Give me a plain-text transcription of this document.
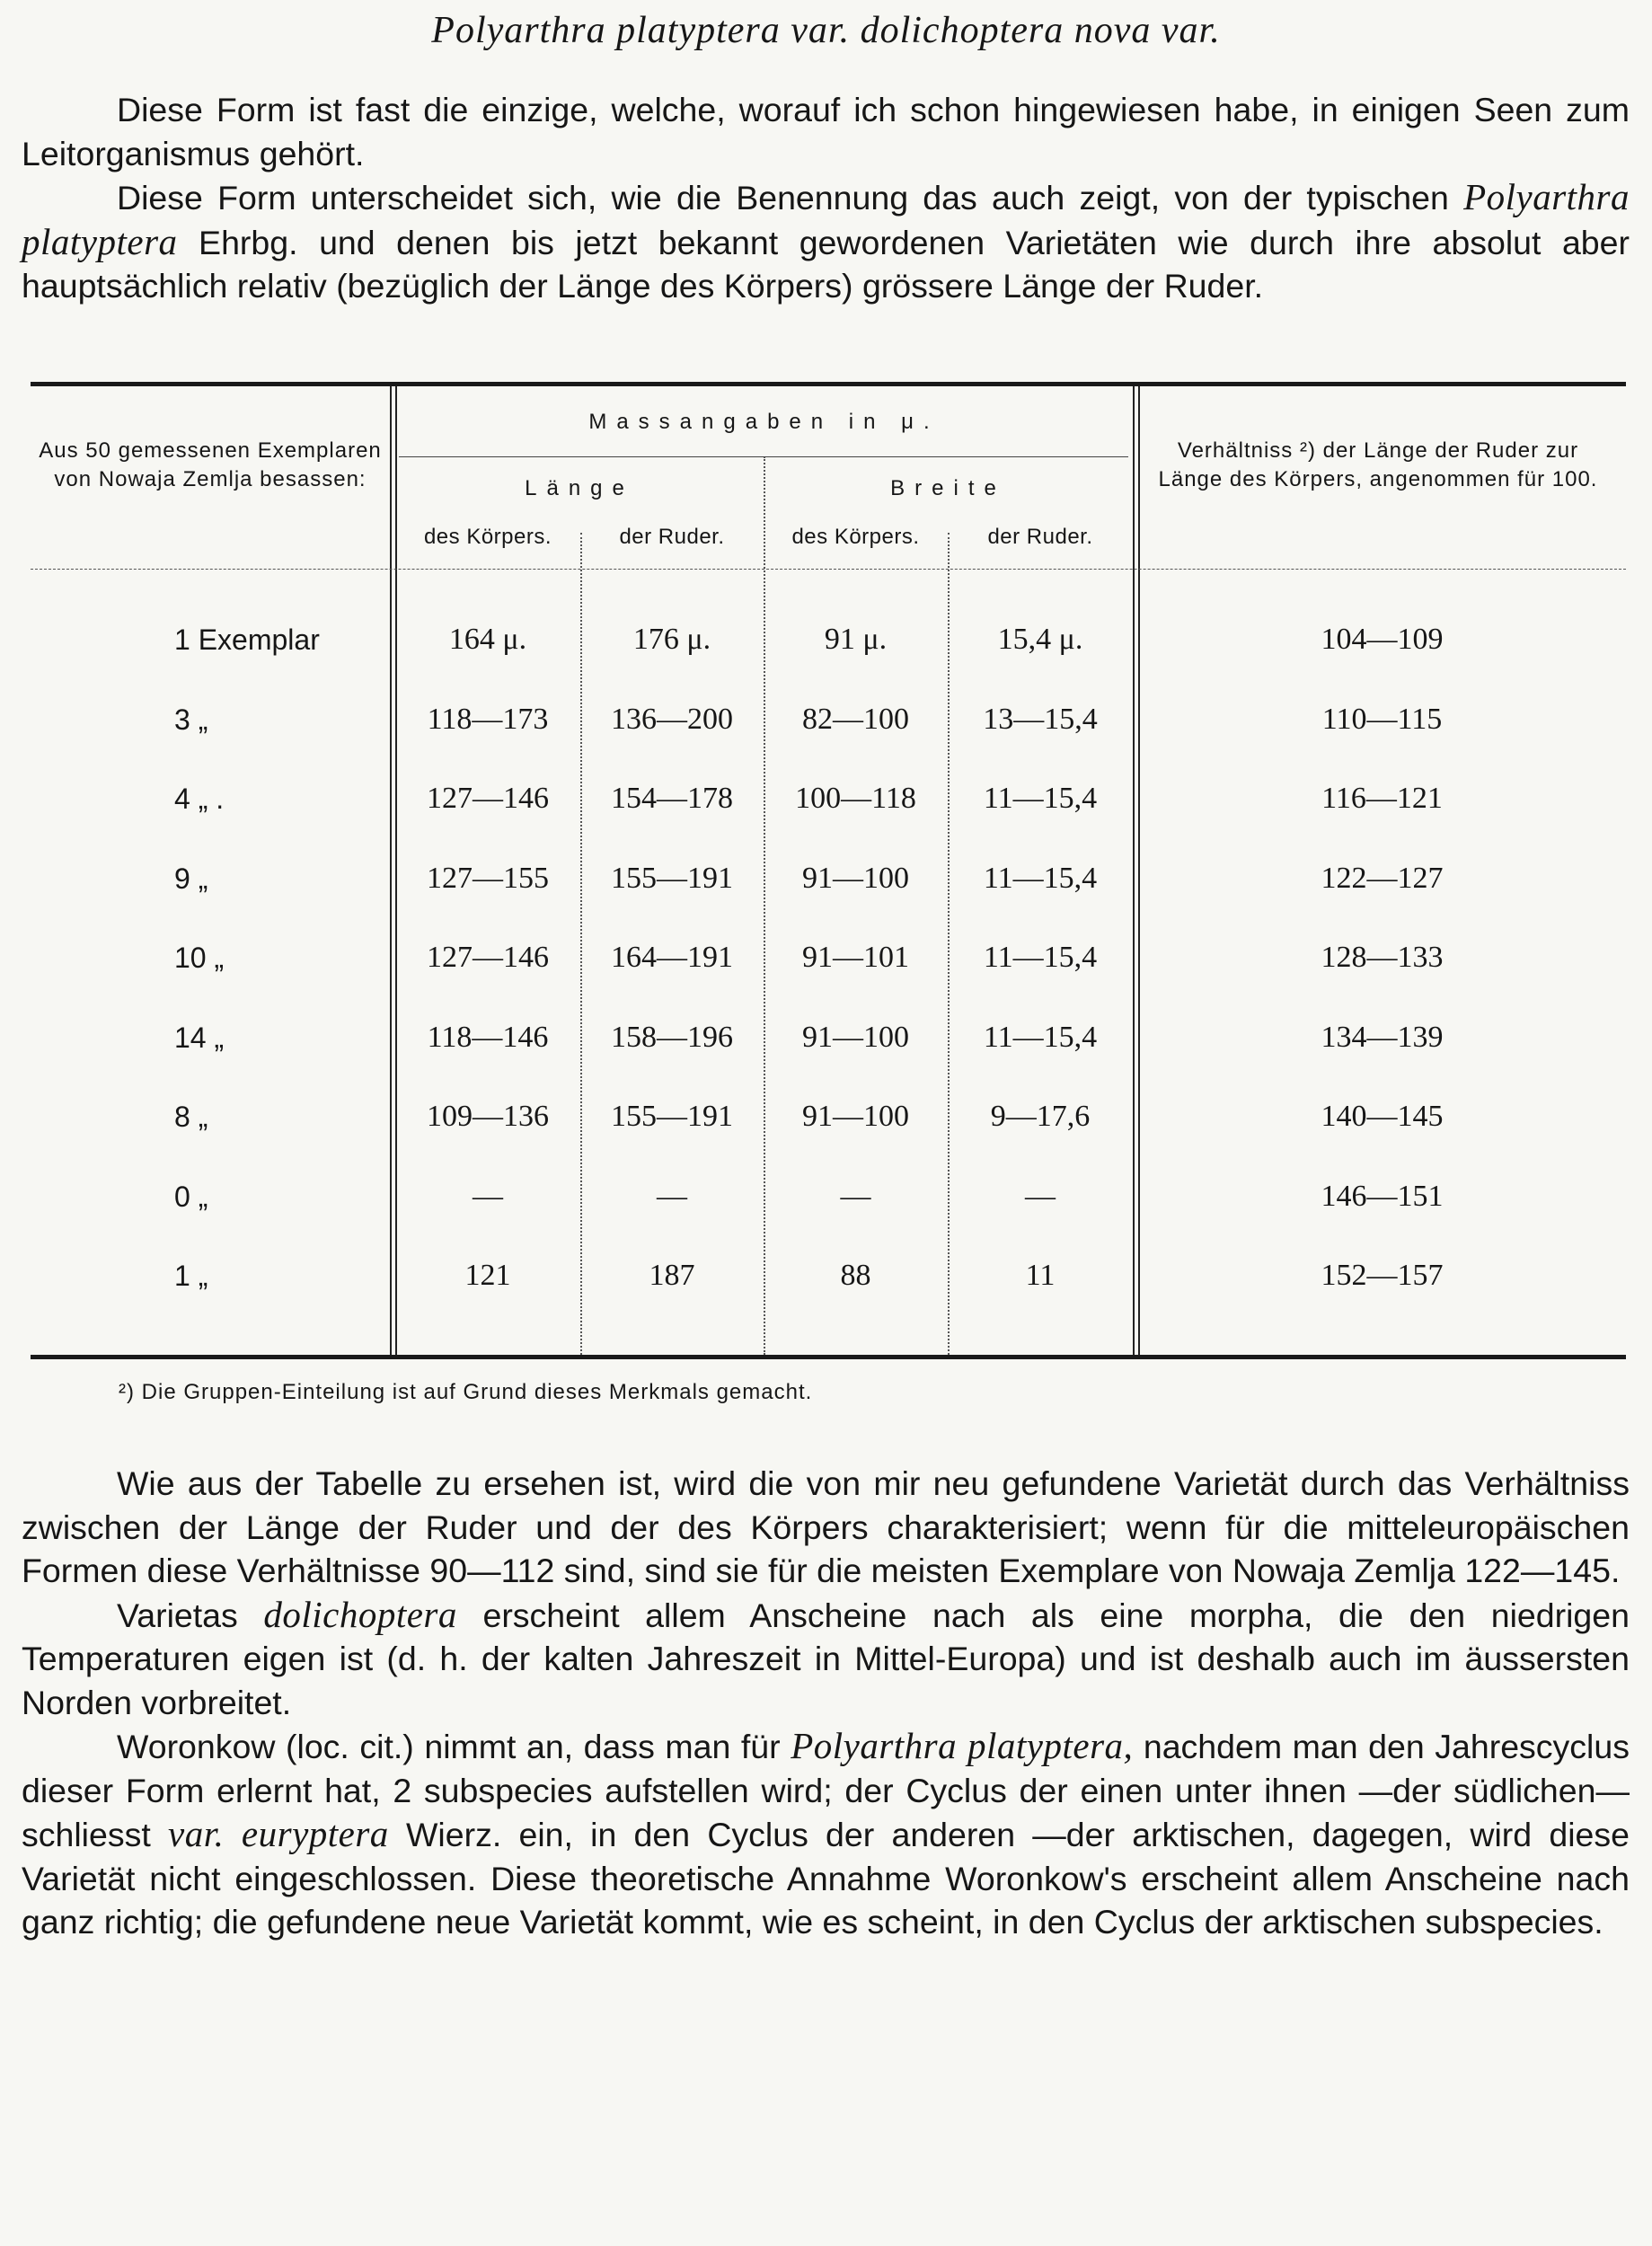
Polyarthra platyptera var. dolichoptera nova var.

Diese Form ist fast die einzige, welche, worauf ich schon hingewiesen habe, in einigen Seen zum Leitorganismus gehört.

Diese Form unterscheidet sich, wie die Benennung das auch zeigt, von der typischen Polyarthra platyptera Ehrbg. und denen bis jetzt bekannt gewordenen Varietäten wie durch ihre absolut aber hauptsächlich relativ (bezüglich der Länge des Körpers) grössere Länge der Ruder.

Aus 50 gemessenen Exemplaren von Nowaja Zemlja besassen:
Massangaben in μ.
Länge	Breite
des Körpers.	der Ruder.	des Körpers.	der Ruder.
Verhältniss ²) der Länge der Ruder zur Länge des Körpers, angenommen für 100.
1 Exemplar	164 μ.	176 μ.	91 μ.	15,4 μ.	104—109
3 „	118—173	136—200	82—100	13—15,4	110—115
4 „ .	127—146	154—178	100—118	11—15,4	116—121
9 „	127—155	155—191	91—100	11—15,4	122—127
10 „	127—146	164—191	91—101	11—15,4	128—133
14 „	118—146	158—196	91—100	11—15,4	134—139
8 „	109—136	155—191	91—100	9—17,6	140—145
0 „	—	—	—	—	146—151
1 „	121	187	88	11	152—157
²) Die Gruppen-Einteilung ist auf Grund dieses Merkmals gemacht.

Wie aus der Tabelle zu ersehen ist, wird die von mir neu gefundene Varietät durch das Verhältniss zwischen der Länge der Ruder und der des Körpers charakterisiert; wenn für die mitteleuropäischen Formen diese Verhältnisse 90—112 sind, sind sie für die meisten Exemplare von Nowaja Zemlja 122—145.

Varietas dolichoptera erscheint allem Anscheine nach als eine morpha, die den niedrigen Temperaturen eigen ist (d. h. der kalten Jahreszeit in Mittel-Europa) und ist deshalb auch im äussersten Norden vorbreitet.

Woronkow (loc. cit.) nimmt an, dass man für Polyarthra platyptera, nachdem man den Jahrescyclus dieser Form erlernt hat, 2 subspecies aufstellen wird; der Cyclus der einen unter ihnen —der südlichen— schliesst var. euryptera Wierz. ein, in den Cyclus der anderen —der arktischen, dagegen, wird diese Varietät nicht eingeschlossen. Diese theoretische Annahme Woronkow's erscheint allem Anscheine nach ganz richtig; die gefundene neue Varietät kommt, wie es scheint, in den Cyclus der arktischen subspecies.
